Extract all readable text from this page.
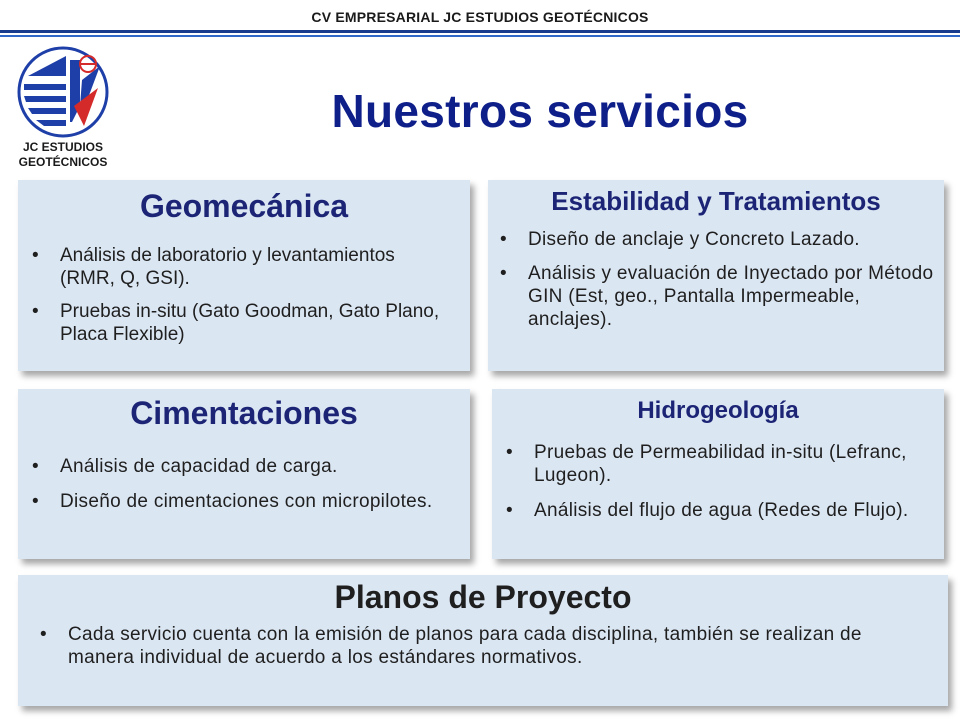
CV EMPRESARIAL JC ESTUDIOS GEOTÉCNICOS
JC ESTUDIOS
GEOTÉCNICOS
Nuestros servicios
Geomecánica
• Análisis de laboratorio y levantamientos (RMR, Q, GSI).
• Pruebas in-situ (Gato Goodman, Gato Plano, Placa Flexible)
Estabilidad y Tratamientos
• Diseño de anclaje y Concreto Lazado.
• Análisis y evaluación de Inyectado por Método GIN (Est, geo., Pantalla Impermeable, anclajes).
Cimentaciones
• Análisis de capacidad de carga.
• Diseño de cimentaciones con micropilotes.
Hidrogeología
• Pruebas de Permeabilidad in-situ (Lefranc, Lugeon).
• Análisis del flujo de agua (Redes de Flujo).
Planos de Proyecto
• Cada servicio cuenta con la emisión de planos para cada disciplina, también se realizan de manera individual de acuerdo a los estándares normativos.
